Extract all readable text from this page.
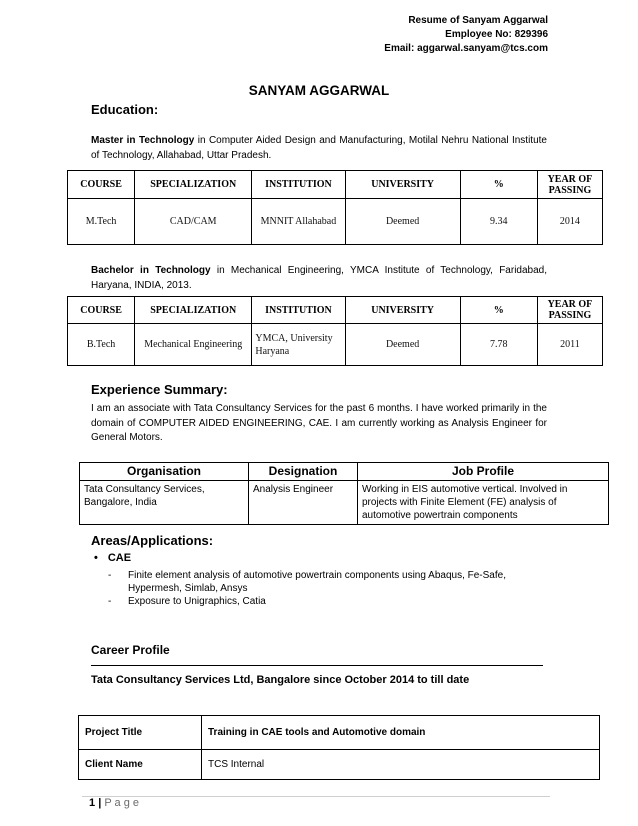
Resume of Sanyam Aggarwal
Employee No: 829396
Email: aggarwal.sanyam@tcs.com
SANYAM AGGARWAL
Education:
Master in Technology in Computer Aided Design and Manufacturing, Motilal Nehru National Institute of Technology, Allahabad, Uttar Pradesh.
COURSE	SPECIALIZATION	INSTITUTION	UNIVERSITY	%	YEAR OF PASSING
M.Tech	CAD/CAM	MNNIT Allahabad	Deemed	9.34	2014
Bachelor in Technology in Mechanical Engineering, YMCA Institute of Technology, Faridabad, Haryana, INDIA, 2013.
COURSE	SPECIALIZATION	INSTITUTION	UNIVERSITY	%	YEAR OF PASSING
B.Tech	Mechanical Engineering	YMCA, University Haryana	Deemed	7.78	2011
Experience Summary:
I am an associate with Tata Consultancy Services for the past 6 months. I have worked primarily in the domain of COMPUTER AIDED ENGINEERING, CAE. I am currently working as Analysis Engineer for General Motors.
Organisation	Designation	Job Profile
Tata Consultancy Services, Bangalore, India	Analysis Engineer	Working in EIS automotive vertical. Involved in projects with Finite Element (FE) analysis of automotive powertrain components
Areas/Applications:
• CAE
-	Finite element analysis of automotive powertrain components using Abaqus, Fe-Safe, Hypermesh, Simlab, Ansys
-	Exposure to Unigraphics, Catia
Career Profile
Tata Consultancy Services Ltd, Bangalore since October 2014 to till date
Project Title	Training in CAE tools and Automotive domain
Client Name	TCS Internal
1 | P a g e
